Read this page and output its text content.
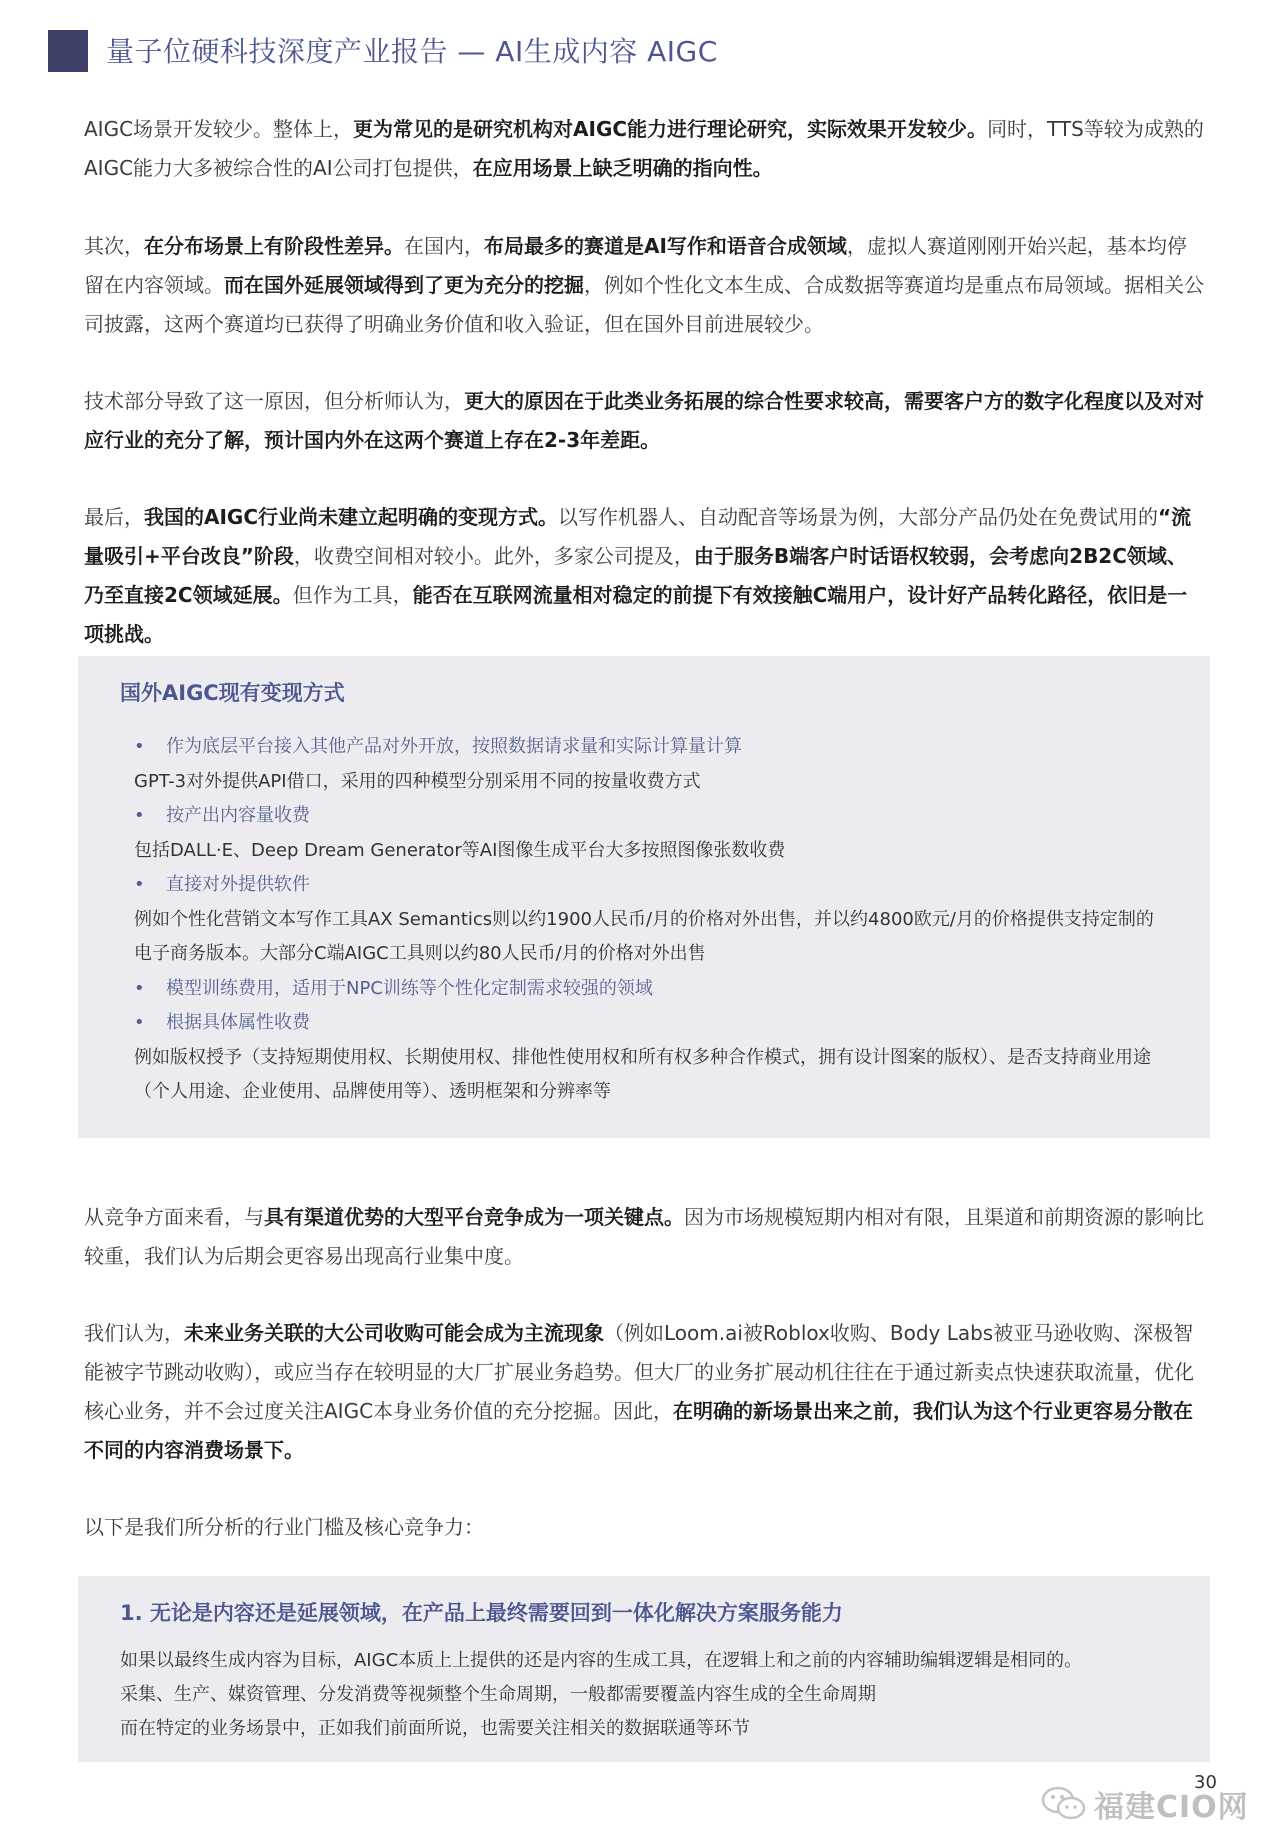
量子位硬科技深度产业报告 — AI生成内容 AIGC

AIGC场景开发较少。整体上，更为常见的是研究机构对AIGC能力进行理论研究，实际效果开发较少。同时，TTS等较为成熟的AIGC能力大多被综合性的AI公司打包提供，在应用场景上缺乏明确的指向性。

其次，在分布场景上有阶段性差异。在国内，布局最多的赛道是AI写作和语音合成领域，虚拟人赛道刚刚开始兴起，基本均停留在内容领域。而在国外延展领域得到了更为充分的挖掘，例如个性化文本生成、合成数据等赛道均是重点布局领域。据相关公司披露，这两个赛道均已获得了明确业务价值和收入验证，但在国外目前进展较少。

技术部分导致了这一原因，但分析师认为，更大的原因在于此类业务拓展的综合性要求较高，需要客户方的数字化程度以及对对应行业的充分了解，预计国内外在这两个赛道上存在2-3年差距。

最后，我国的AIGC行业尚未建立起明确的变现方式。以写作机器人、自动配音等场景为例，大部分产品仍处在免费试用的“流量吸引+平台改良”阶段，收费空间相对较小。此外，多家公司提及，由于服务B端客户时话语权较弱，会考虑向2B2C领域、乃至直接2C领域延展。但作为工具，能否在互联网流量相对稳定的前提下有效接触C端用户，设计好产品转化路径，依旧是一项挑战。

国外AIGC现有变现方式

• 作为底层平台接入其他产品对外开放，按照数据请求量和实际计算量计算
GPT-3对外提供API借口，采用的四种模型分别采用不同的按量收费方式
• 按产出内容量收费
包括DALL·E、Deep Dream Generator等AI图像生成平台大多按照图像张数收费
• 直接对外提供软件
例如个性化营销文本写作工具AX Semantics则以约1900人民币/月的价格对外出售，并以约4800欧元/月的价格提供支持定制的电子商务版本。大部分C端AIGC工具则以约80人民币/月的价格对外出售
• 模型训练费用，适用于NPC训练等个性化定制需求较强的领域
• 根据具体属性收费
例如版权授予（支持短期使用权、长期使用权、排他性使用权和所有权多种合作模式，拥有设计图案的版权）、是否支持商业用途（个人用途、企业使用、品牌使用等）、透明框架和分辨率等

从竞争方面来看，与具有渠道优势的大型平台竞争成为一项关键点。因为市场规模短期内相对有限，且渠道和前期资源的影响比较重，我们认为后期会更容易出现高行业集中度。

我们认为，未来业务关联的大公司收购可能会成为主流现象（例如Loom.ai被Roblox收购、Body Labs被亚马逊收购、深极智能被字节跳动收购），或应当存在较明显的大厂扩展业务趋势。但大厂的业务扩展动机往往在于通过新卖点快速获取流量，优化核心业务，并不会过度关注AIGC本身业务价值的充分挖掘。因此，在明确的新场景出来之前，我们认为这个行业更容易分散在不同的内容消费场景下。

以下是我们所分析的行业门槛及核心竞争力：

1. 无论是内容还是延展领域，在产品上最终需要回到一体化解决方案服务能力

如果以最终生成内容为目标，AIGC本质上上提供的还是内容的生成工具，在逻辑上和之前的内容辅助编辑逻辑是相同的。
采集、生产、媒资管理、分发消费等视频整个生命周期，一般都需要覆盖内容生成的全生命周期
而在特定的业务场景中，正如我们前面所说，也需要关注相关的数据联通等环节
30
福建CIO网
